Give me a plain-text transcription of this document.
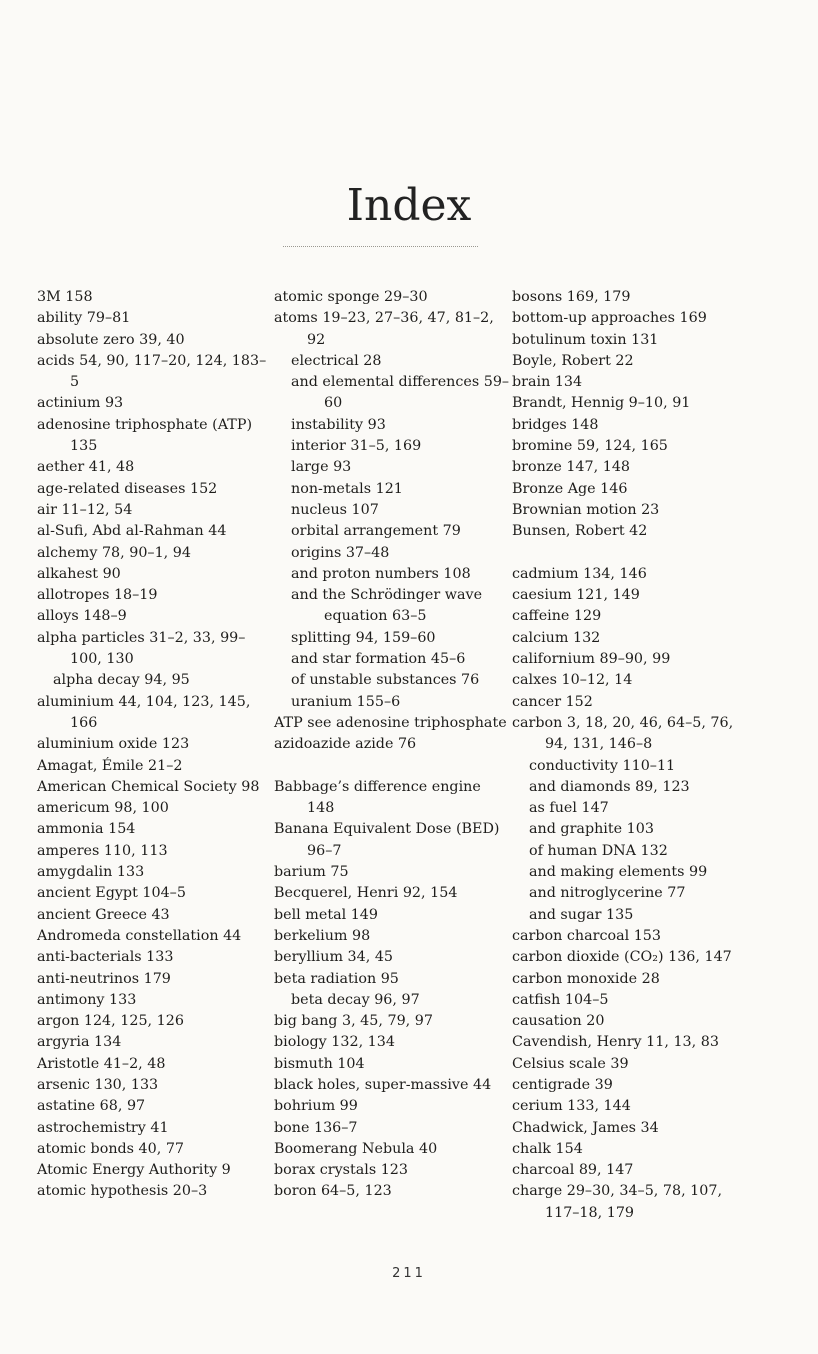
Index
3M 158
ability 79–81
absolute zero 39, 40
acids 54, 90, 117–20, 124, 183–5
actinium 93
adenosine triphosphate (ATP) 135
aether 41, 48
age-related diseases 152
air 11–12, 54
al-Sufi, Abd al-Rahman 44
alchemy 78, 90–1, 94
alkahest 90
allotropes 18–19
alloys 148–9
alpha particles 31–2, 33, 99–100, 130
alpha decay 94, 95
aluminium 44, 104, 123, 145, 166
aluminium oxide 123
Amagat, Émile 21–2
American Chemical Society 98
americum 98, 100
ammonia 154
amperes 110, 113
amygdalin 133
ancient Egypt 104–5
ancient Greece 43
Andromeda constellation 44
anti-bacterials 133
anti-neutrinos 179
antimony 133
argon 124, 125, 126
argyria 134
Aristotle 41–2, 48
arsenic 130, 133
astatine 68, 97
astrochemistry 41
atomic bonds 40, 77
Atomic Energy Authority 9
atomic hypothesis 20–3
atomic sponge 29–30
atoms 19–23, 27–36, 47, 81–2, 92
electrical 28
and elemental differences 59–60
instability 93
interior 31–5, 169
large 93
non-metals 121
nucleus 107
orbital arrangement 79
origins 37–48
and proton numbers 108
and the Schrödinger wave equation 63–5
splitting 94, 159–60
and star formation 45–6
of unstable substances 76
uranium 155–6
ATP see adenosine triphosphate
azidoazide azide 76
Babbage’s difference engine 148
Banana Equivalent Dose (BED) 96–7
barium 75
Becquerel, Henri 92, 154
bell metal 149
berkelium 98
beryllium 34, 45
beta radiation 95
beta decay 96, 97
big bang 3, 45, 79, 97
biology 132, 134
bismuth 104
black holes, super-massive 44
bohrium 99
bone 136–7
Boomerang Nebula 40
borax crystals 123
boron 64–5, 123
bosons 169, 179
bottom-up approaches 169
botulinum toxin 131
Boyle, Robert 22
brain 134
Brandt, Hennig 9–10, 91
bridges 148
bromine 59, 124, 165
bronze 147, 148
Bronze Age 146
Brownian motion 23
Bunsen, Robert 42
cadmium 134, 146
caesium 121, 149
caffeine 129
calcium 132
californium 89–90, 99
calxes 10–12, 14
cancer 152
carbon 3, 18, 20, 46, 64–5, 76, 94, 131, 146–8
conductivity 110–11
and diamonds 89, 123
as fuel 147
and graphite 103
of human DNA 132
and making elements 99
and nitroglycerine 77
and sugar 135
carbon charcoal 153
carbon dioxide (CO₂) 136, 147
carbon monoxide 28
catfish 104–5
causation 20
Cavendish, Henry 11, 13, 83
Celsius scale 39
centigrade 39
cerium 133, 144
Chadwick, James 34
chalk 154
charcoal 89, 147
charge 29–30, 34–5, 78, 107, 117–18, 179
211
